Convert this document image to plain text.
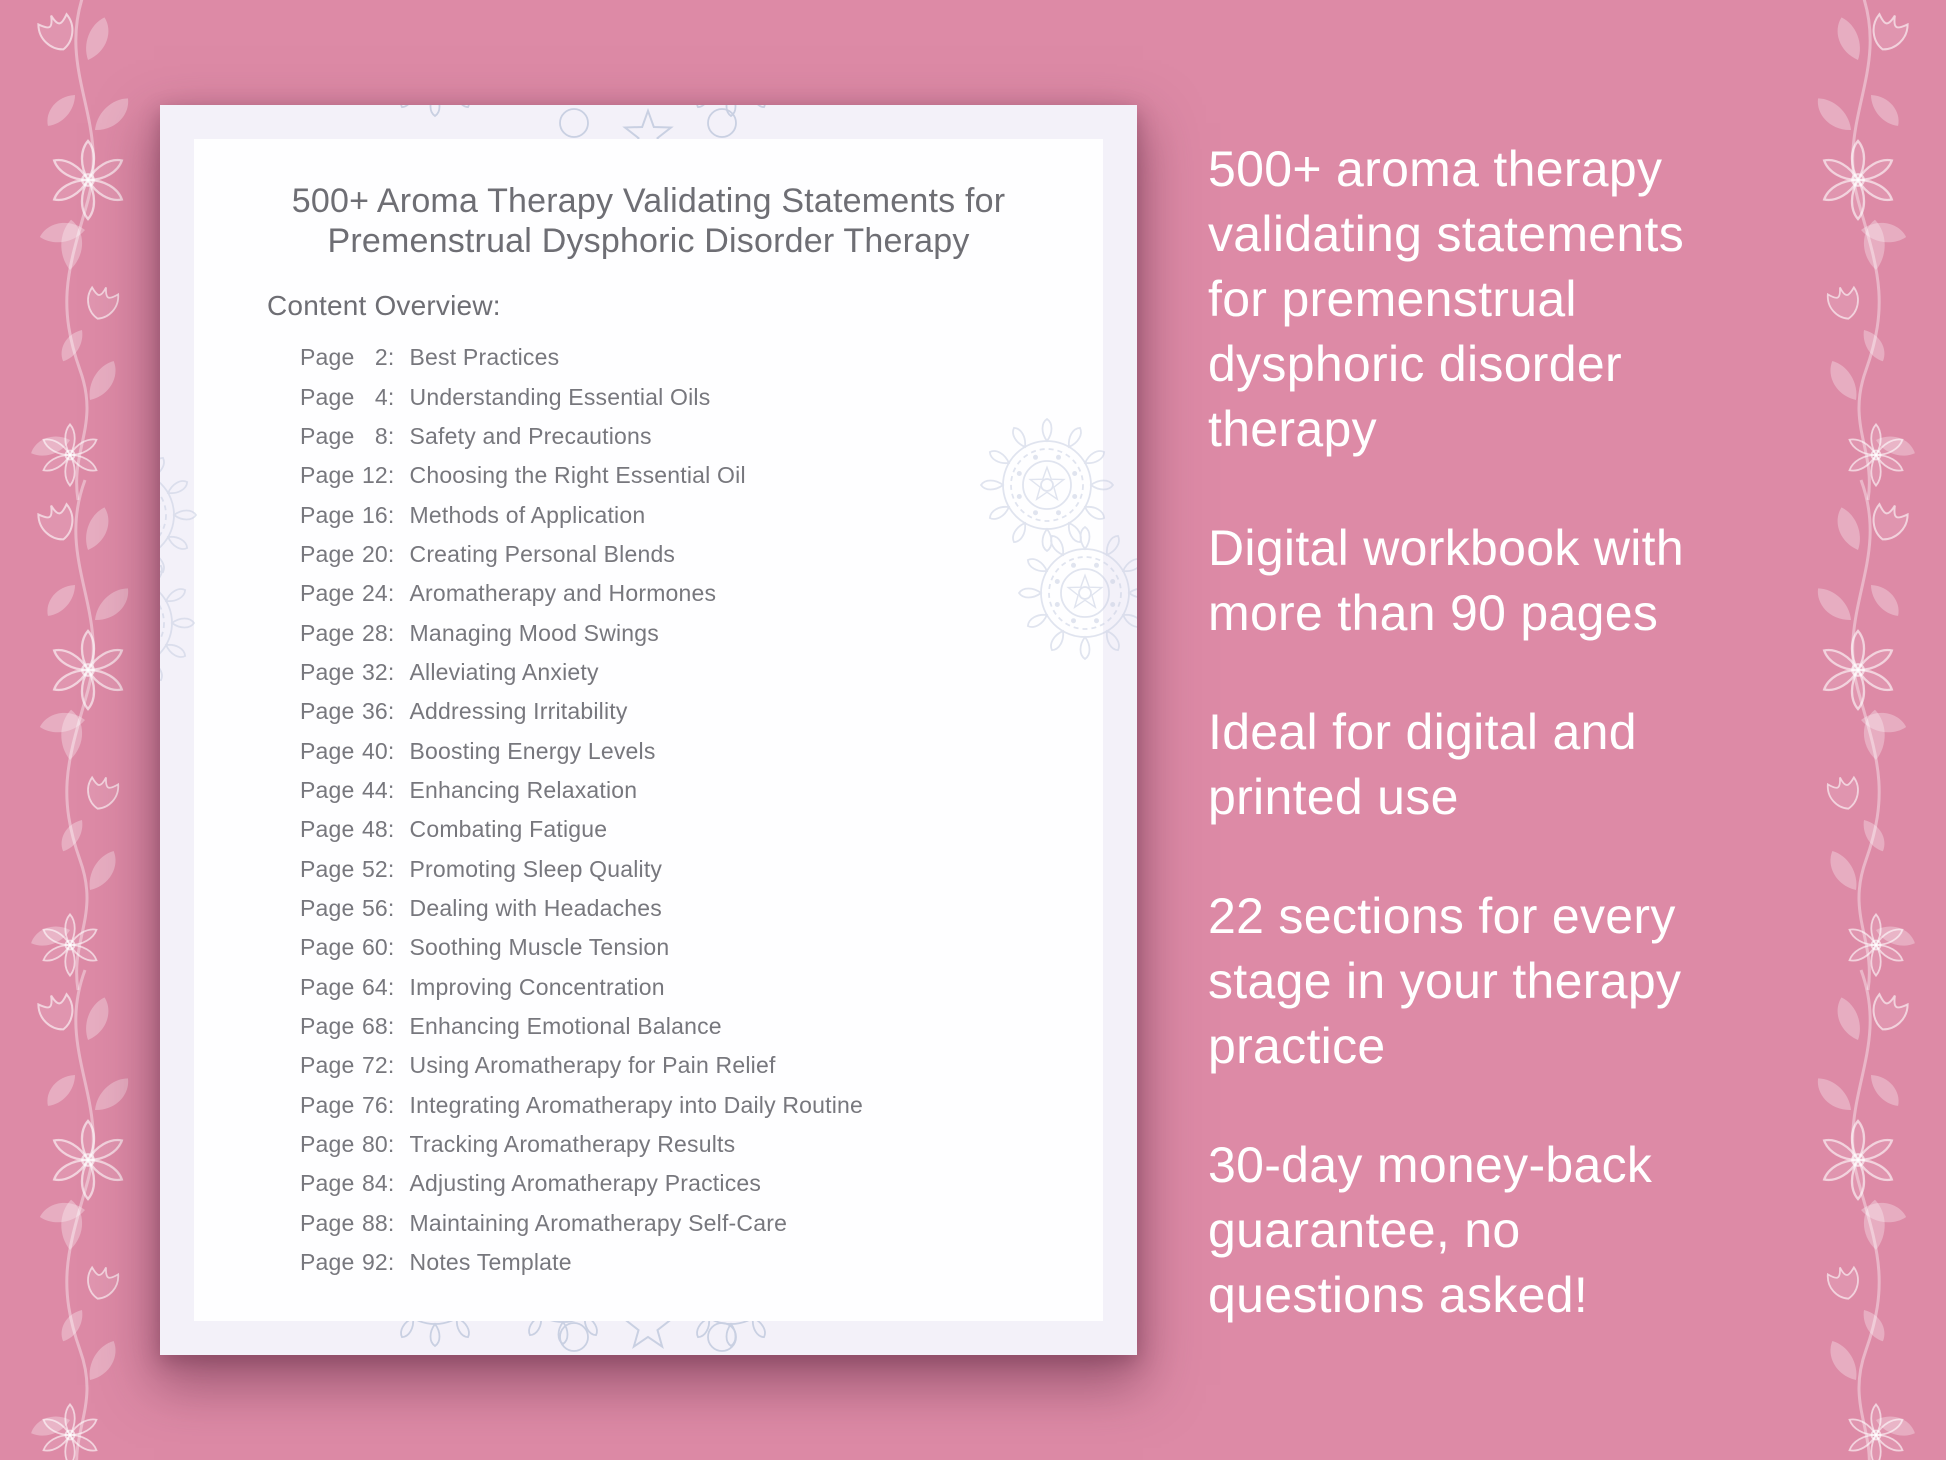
500+ Aroma Therapy Validating Statements for
Premenstrual Dysphoric Disorder Therapy
Content Overview:
Page 2: Best Practices
Page 4: Understanding Essential Oils
Page 8: Safety and Precautions
Page 12: Choosing the Right Essential Oil
Page 16: Methods of Application
Page 20: Creating Personal Blends
Page 24: Aromatherapy and Hormones
Page 28: Managing Mood Swings
Page 32: Alleviating Anxiety
Page 36: Addressing Irritability
Page 40: Boosting Energy Levels
Page 44: Enhancing Relaxation
Page 48: Combating Fatigue
Page 52: Promoting Sleep Quality
Page 56: Dealing with Headaches
Page 60: Soothing Muscle Tension
Page 64: Improving Concentration
Page 68: Enhancing Emotional Balance
Page 72: Using Aromatherapy for Pain Relief
Page 76: Integrating Aromatherapy into Daily Routine
Page 80: Tracking Aromatherapy Results
Page 84: Adjusting Aromatherapy Practices
Page 88: Maintaining Aromatherapy Self-Care
Page 92: Notes Template
500+ aroma therapy
validating statements
for premenstrual
dysphoric disorder
therapy
Digital workbook with
more than 90 pages
Ideal for digital and
printed use
22 sections for every
stage in your therapy
practice
30-day money-back
guarantee, no
questions asked!
